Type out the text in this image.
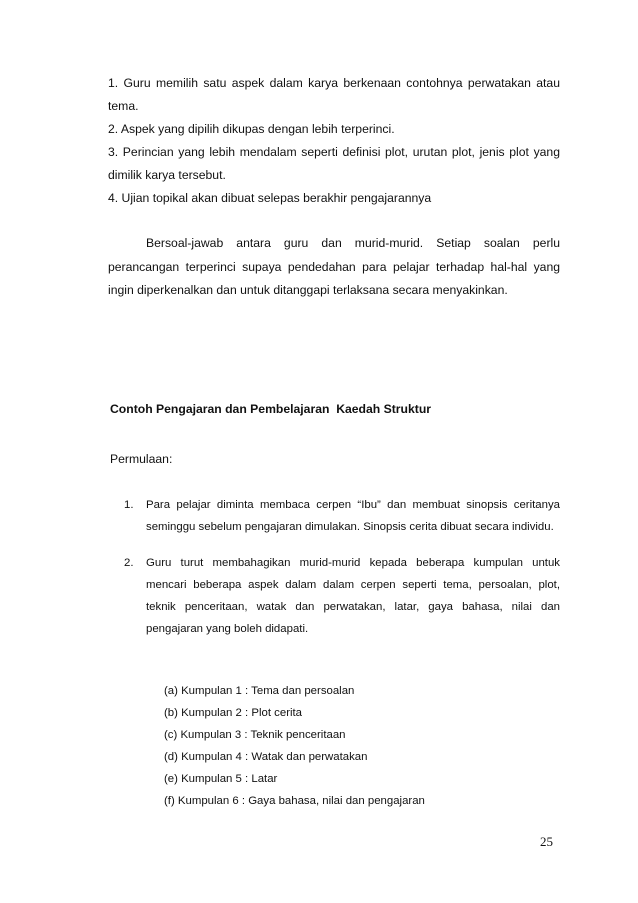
1. Guru memilih satu aspek dalam karya berkenaan contohnya perwatakan atau tema.

2. Aspek yang dipilih dikupas dengan lebih terperinci.

3. Perincian yang lebih mendalam seperti definisi plot, urutan plot, jenis plot yang dimilik karya tersebut.

4. Ujian topikal akan dibuat selepas berakhir pengajarannya

Bersoal-jawab antara guru dan murid-murid. Setiap soalan perlu perancangan terperinci supaya pendedahan para pelajar terhadap hal-hal yang ingin diperkenalkan dan untuk ditanggapi terlaksana secara menyakinkan.

Contoh Pengajaran dan Pembelajaran  Kaedah Struktur

Permulaan:

1.	Para pelajar diminta membaca cerpen “Ibu” dan membuat sinopsis ceritanya seminggu sebelum pengajaran dimulakan. Sinopsis cerita dibuat secara individu.
2.	Guru turut membahagikan murid-murid kepada beberapa kumpulan untuk mencari beberapa aspek dalam dalam cerpen seperti tema, persoalan, plot, teknik penceritaan, watak dan perwatakan, latar, gaya bahasa, nilai dan pengajaran yang boleh didapati.
(a) Kumpulan 1 : Tema dan persoalan
(b) Kumpulan 2 : Plot cerita
(c) Kumpulan 3 : Teknik penceritaan
(d) Kumpulan 4 : Watak dan perwatakan
(e) Kumpulan 5 : Latar
(f) Kumpulan 6 : Gaya bahasa, nilai dan pengajaran
25
